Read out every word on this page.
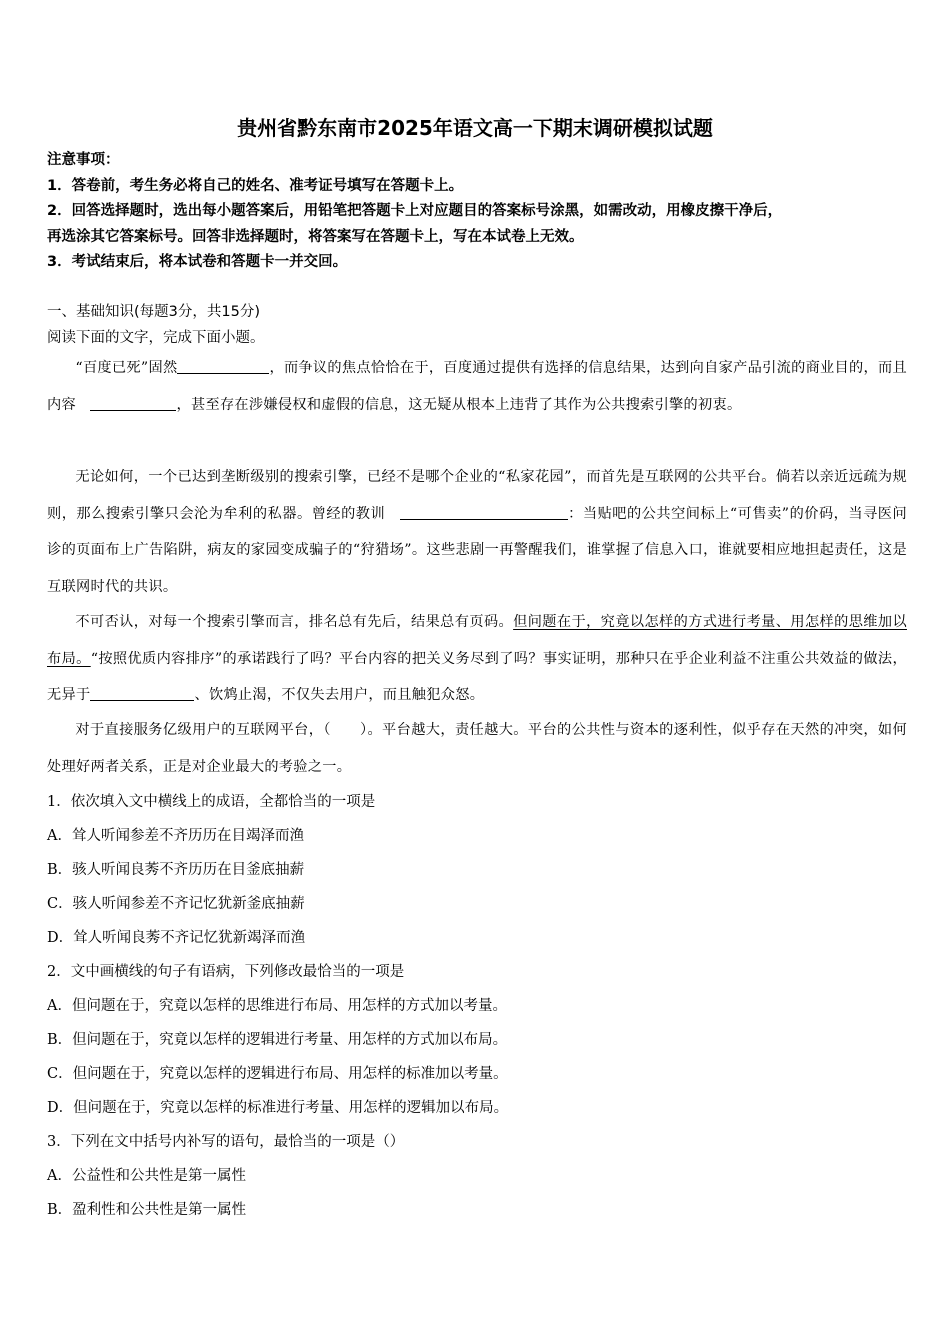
贵州省黔东南市2025年语文高一下期末调研模拟试题
注意事项：
1．答卷前，考生务必将自己的姓名、准考证号填写在答题卡上。
2．回答选择题时，选出每小题答案后，用铅笔把答题卡上对应题目的答案标号涂黑，如需改动，用橡皮擦干净后，
再选涂其它答案标号。回答非选择题时，将答案写在答题卡上，写在本试卷上无效。
3．考试结束后，将本试卷和答题卡一并交回。
一、基础知识(每题3分，共15分)
阅读下面的文字，完成下面小题。
“百度已死”固然	，而争议的焦点恰恰在于，百度通过提供有选择的信息结果，达到向自家产品引流的商业目的，而且内容　	，甚至存在涉嫌侵权和虚假的信息，这无疑从根本上违背了其作为公共搜索引擎的初衷。
无论如何，一个已达到垄断级别的搜索引擎，已经不是哪个企业的“私家花园”，而首先是互联网的公共平台。倘若以亲近远疏为规则，那么搜索引擎只会沦为牟利的私器。曾经的教训　	：当贴吧的公共空间标上“可售卖”的价码，当寻医问诊的页面布上广告陷阱，病友的家园变成骗子的“狩猎场”。这些悲剧一再警醒我们，谁掌握了信息入口，谁就要相应地担起责任，这是互联网时代的共识。
不可否认，对每一个搜索引擎而言，排名总有先后，结果总有页码。但问题在于，究竟以怎样的方式进行考量、用怎样的思维加以布局。“按照优质内容排序”的承诺践行了吗？平台内容的把关义务尽到了吗？事实证明，那种只在乎企业利益不注重公共效益的做法，无异于	、饮鸩止渴，不仅失去用户，而且触犯众怒。
对于直接服务亿级用户的互联网平台，（　　）。平台越大，责任越大。平台的公共性与资本的逐利性，似乎存在天然的冲突，如何处理好两者关系，正是对企业最大的考验之一。
1．依次填入文中横线上的成语，全都恰当的一项是
A．耸人听闻参差不齐历历在目竭泽而渔
B．骇人听闻良莠不齐历历在目釜底抽薪
C．骇人听闻参差不齐记忆犹新釜底抽薪
D．耸人听闻良莠不齐记忆犹新竭泽而渔
2．文中画横线的句子有语病，下列修改最恰当的一项是
A．但问题在于，究竟以怎样的思维进行布局、用怎样的方式加以考量。
B．但问题在于，究竟以怎样的逻辑进行考量、用怎样的方式加以布局。
C．但问题在于，究竟以怎样的逻辑进行布局、用怎样的标准加以考量。
D．但问题在于，究竟以怎样的标准进行考量、用怎样的逻辑加以布局。
3．下列在文中括号内补写的语句，最恰当的一项是（）
A．公益性和公共性是第一属性
B．盈利性和公共性是第一属性
